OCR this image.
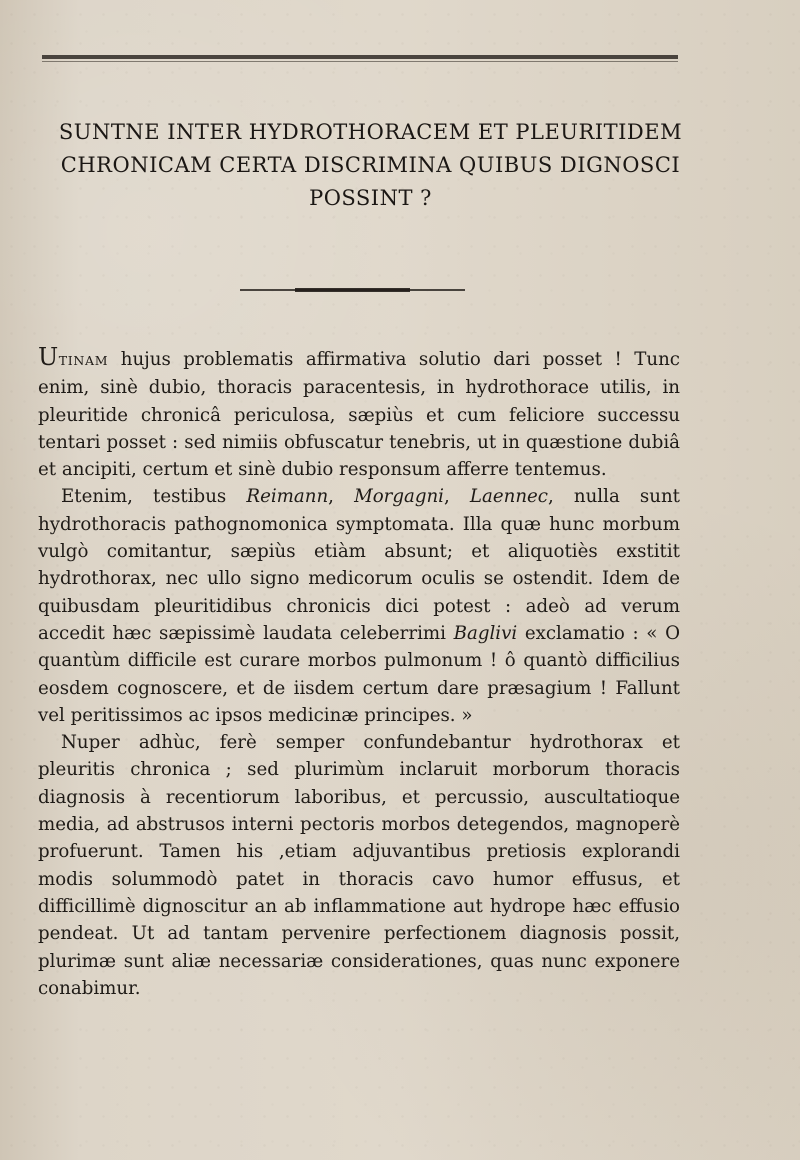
SUNTNE INTER HYDROTHORACEM ET PLEURITIDEM
CHRONICAM CERTA DISCRIMINA QUIBUS DIGNOSCI
POSSINT ?

UTINAM hujus problematis affirmativa solutio dari posset ! Tunc enim, sinè dubio, thoracis paracentesis, in hydrothorace utilis, in pleuritide chronicâ periculosa, sæpiùs et cum feliciore successu tentari posset : sed nimiis obfuscatur tenebris, ut in quæstione dubiâ et ancipiti, certum et sinè dubio responsum afferre tentemus.

Etenim, testibus Reimann, Morgagni, Laennec, nulla sunt hydrothoracis pathognomonica symptomata. Illa quæ hunc morbum vulgò comitantur, sæpiùs etiàm absunt; et aliquotiès exstitit hydrothorax, nec ullo signo medicorum oculis se ostendit. Idem de quibusdam pleuritidibus chronicis dici potest : adeò ad verum accedit hæc sæpissimè laudata celeberrimi Baglivi exclamatio : « O quantùm difficile est curare morbos pulmonum ! ô quantò difficilius eosdem cognoscere, et de iisdem certum dare præsagium ! Fallunt vel peritissimos ac ipsos medicinæ principes. »

Nuper adhùc, ferè semper confundebantur hydrothorax et pleuritis chronica ; sed plurimùm inclaruit morborum thoracis diagnosis à recentiorum laboribus, et percussio, auscultatioque media, ad abstrusos interni pectoris morbos detegendos, magnoperè profuerunt. Tamen his ,etiam adjuvantibus pretiosis explorandi modis solummodò patet in thoracis cavo humor effusus, et difficillimè dignoscitur an ab inflammatione aut hydrope hæc effusio pendeat. Ut ad tantam pervenire perfectionem diagnosis possit, plurimæ sunt aliæ necessariæ considerationes, quas nunc exponere conabimur.
